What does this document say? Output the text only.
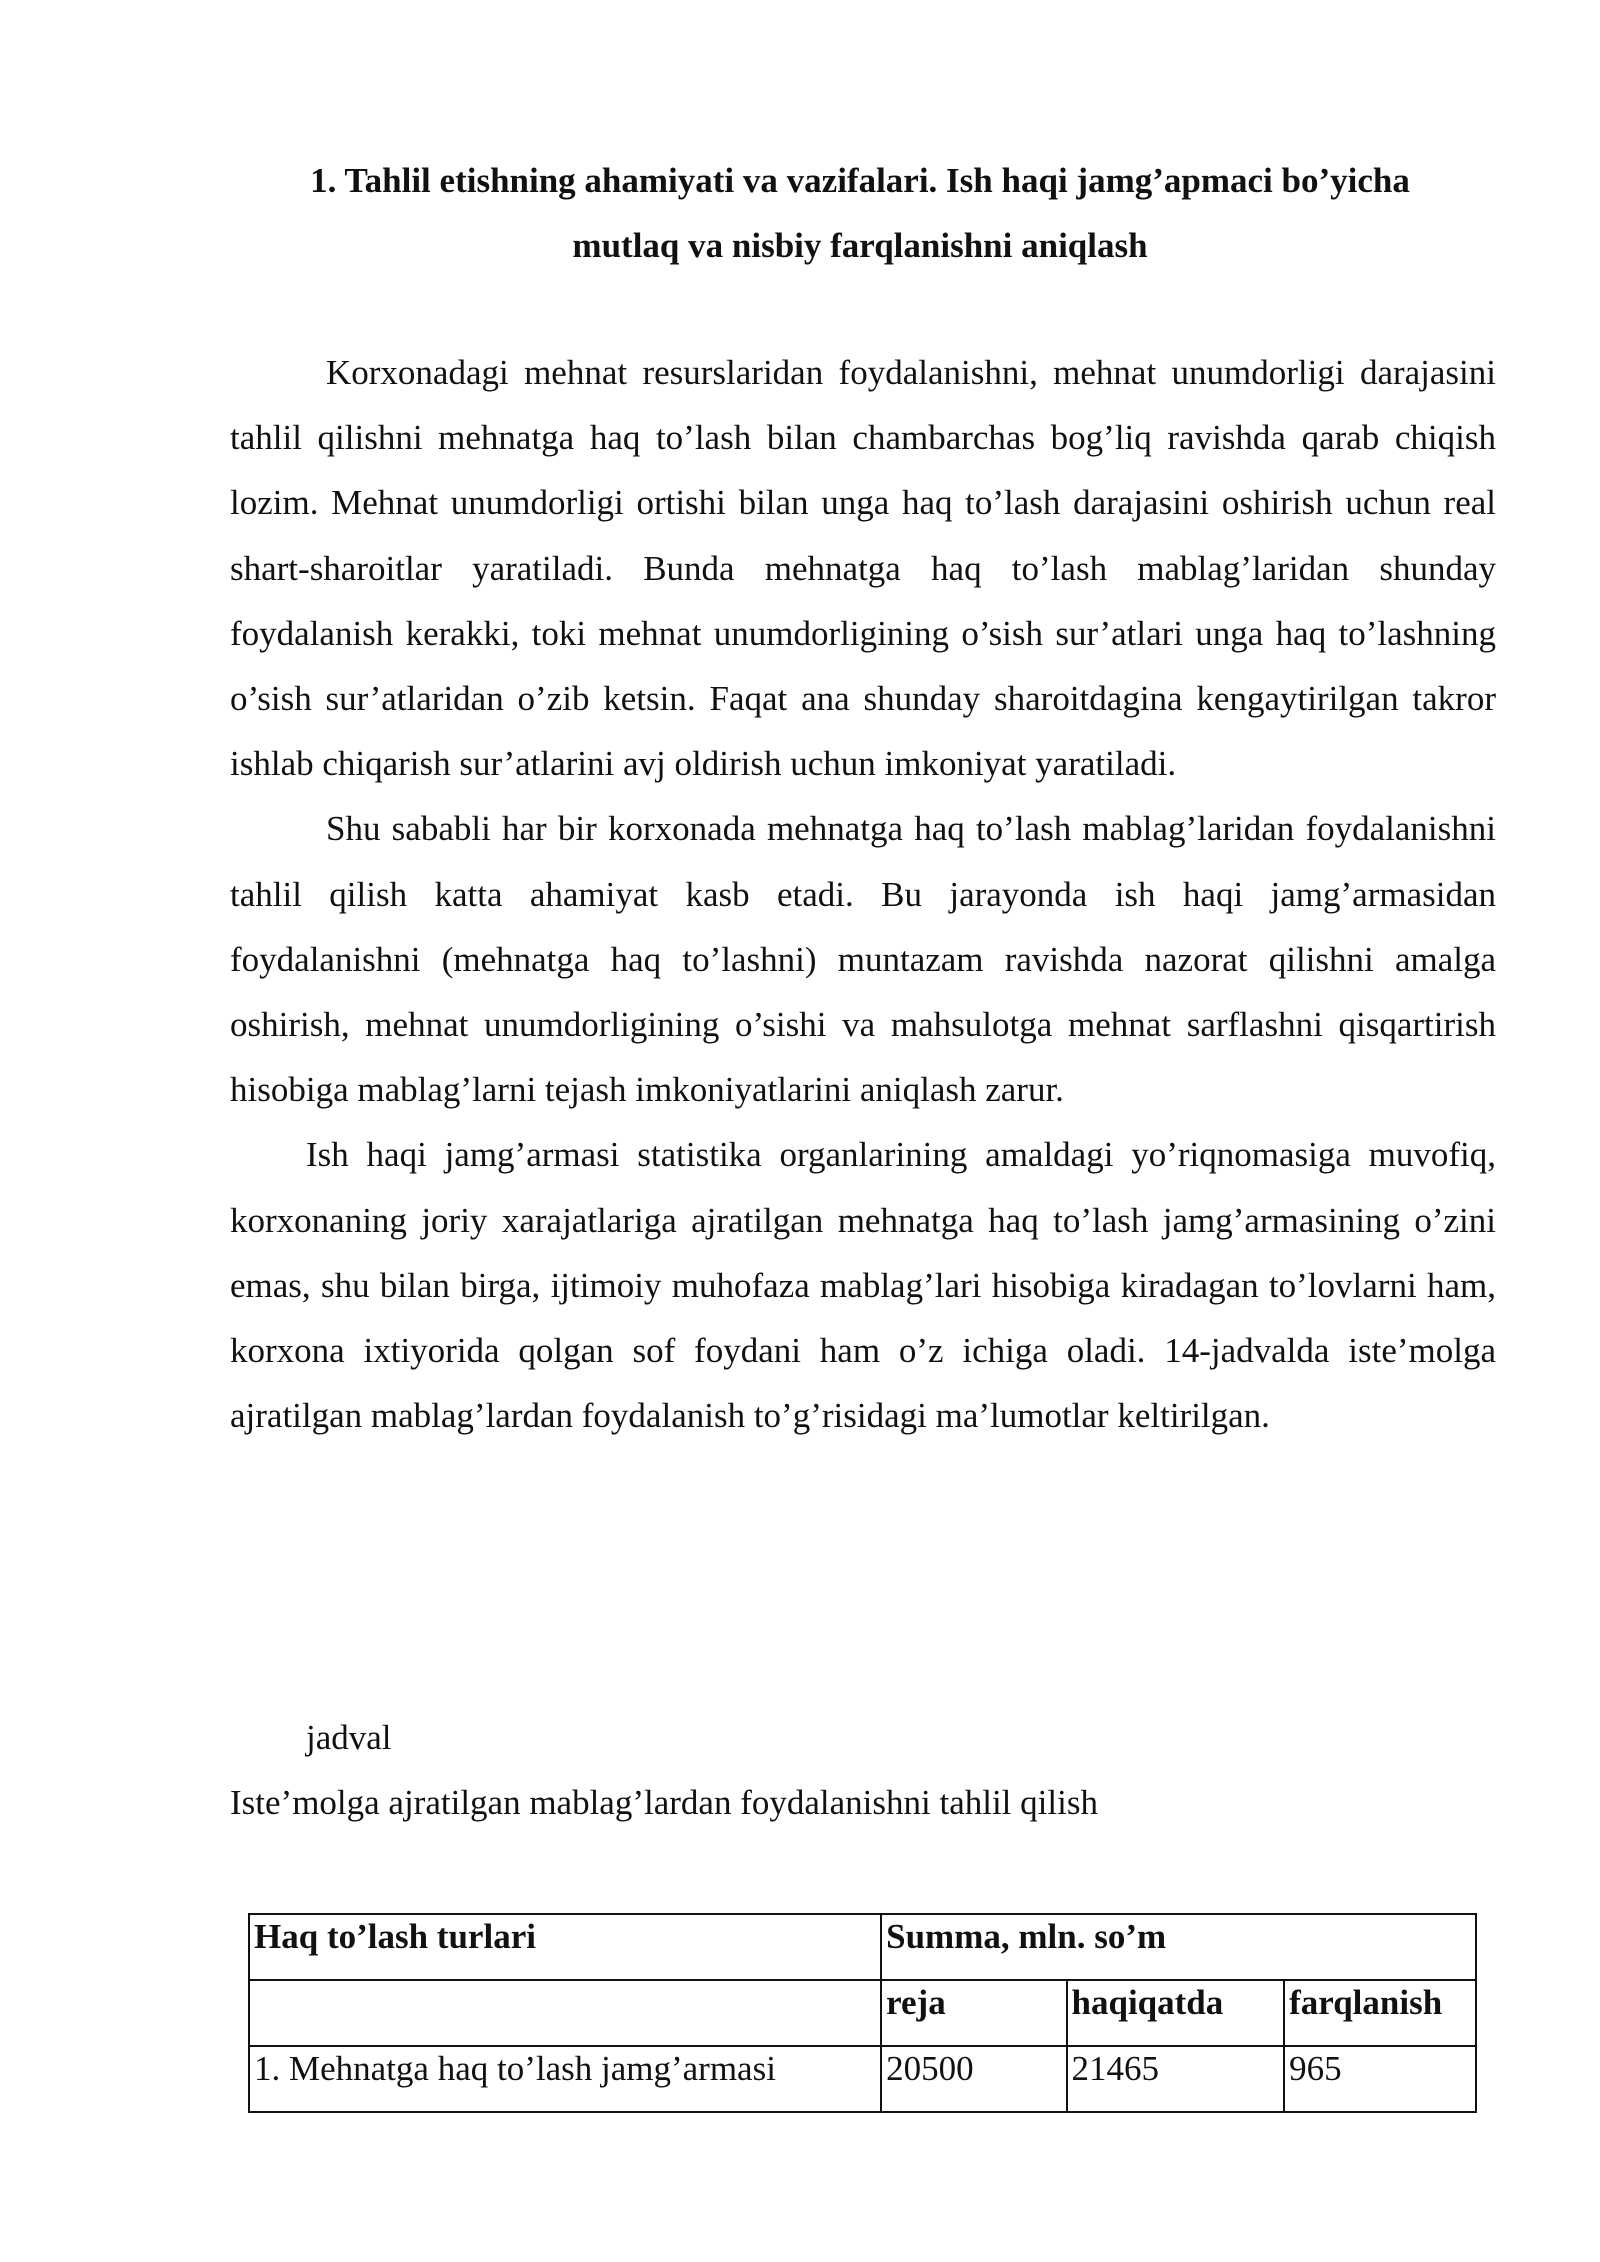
1. Tahlil etishning ahamiyati va vazifalari. Ish haqi jamg’apmaci bo’yicha
mutlaq va nisbiy farqlanishni aniqlash

Korxonadagi mehnat resurslaridan foydalanishni, mehnat unumdorligi darajasini tahlil qilishni mehnatga haq to’lash bilan chambarchas bog’liq ravishda qarab chiqish lozim. Mehnat unumdorligi ortishi bilan unga haq to’lash darajasini oshirish uchun real shart-sharoitlar yaratiladi. Bunda mehnatga haq to’lash mablag’laridan shunday foydalanish kerakki, toki mehnat unumdorligining o’sish sur’atlari unga haq to’lashning o’sish sur’atlaridan o’zib ketsin. Faqat ana shunday sharoitdagina kengaytirilgan takror ishlab chiqarish sur’atlarini avj oldirish uchun imkoniyat yaratiladi.

Shu sababli har bir korxonada mehnatga haq to’lash mablag’laridan foydalanishni tahlil qilish katta ahamiyat kasb etadi. Bu jarayonda ish haqi jamg’armasidan foydalanishni (mehnatga haq to’lashni) muntazam ravishda nazorat qilishni amalga oshirish, mehnat unumdorligining o’sishi va mahsulotga mehnat sarflashni qisqartirish hisobiga mablag’larni tejash imkoniyatlarini aniqlash zarur.

Ish haqi jamg’armasi statistika organlarining amaldagi yo’riqnomasiga muvofiq, korxonaning joriy xarajatlariga ajratilgan mehnatga haq to’lash jamg’armasining o’zini emas, shu bilan birga, ijtimoiy muhofaza mablag’lari hisobiga kiradagan to’lovlarni ham, korxona ixtiyorida qolgan sof foydani ham o’z ichiga oladi. 14-jadvalda iste’molga ajratilgan mablag’lardan foydalanish to’g’risidagi ma’lumotlar keltirilgan.

jadval
Iste’molga ajratilgan mablag’lardan foydalanishni tahlil qilish
Haq to’lash turlari	Summa, mln. so’m		
	reja	haqiqatda	farqlanish
1. Mehnatga haq to’lash jamg’armasi	20500	21465	965
